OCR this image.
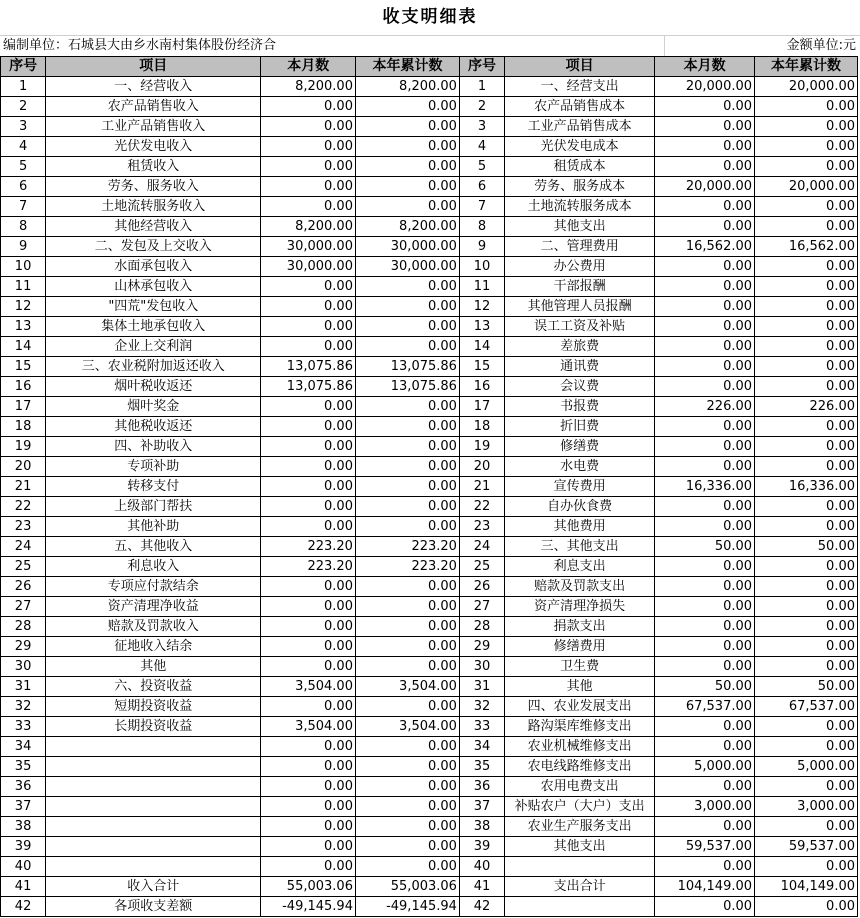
收支明细表
编制单位：石城县大由乡水南村集体股份经济合	金额单位:元
序号	项目	本月数	本年累计数	序号	项目	本月数	本年累计数
1	一、经营收入	8,200.00	8,200.00	1	一、经营支出	20,000.00	20,000.00
2	农产品销售收入	0.00	0.00	2	农产品销售成本	0.00	0.00
3	工业产品销售收入	0.00	0.00	3	工业产品销售成本	0.00	0.00
4	光伏发电收入	0.00	0.00	4	光伏发电成本	0.00	0.00
5	租赁收入	0.00	0.00	5	租赁成本	0.00	0.00
6	劳务、服务收入	0.00	0.00	6	劳务、服务成本	20,000.00	20,000.00
7	土地流转服务收入	0.00	0.00	7	土地流转服务成本	0.00	0.00
8	其他经营收入	8,200.00	8,200.00	8	其他支出	0.00	0.00
9	二、发包及上交收入	30,000.00	30,000.00	9	二、管理费用	16,562.00	16,562.00
10	水面承包收入	30,000.00	30,000.00	10	办公费用	0.00	0.00
11	山林承包收入	0.00	0.00	11	干部报酬	0.00	0.00
12	"四荒"发包收入	0.00	0.00	12	其他管理人员报酬	0.00	0.00
13	集体土地承包收入	0.00	0.00	13	误工工资及补贴	0.00	0.00
14	企业上交利润	0.00	0.00	14	差旅费	0.00	0.00
15	三、农业税附加返还收入	13,075.86	13,075.86	15	通讯费	0.00	0.00
16	烟叶税收返还	13,075.86	13,075.86	16	会议费	0.00	0.00
17	烟叶奖金	0.00	0.00	17	书报费	226.00	226.00
18	其他税收返还	0.00	0.00	18	折旧费	0.00	0.00
19	四、补助收入	0.00	0.00	19	修缮费	0.00	0.00
20	专项补助	0.00	0.00	20	水电费	0.00	0.00
21	转移支付	0.00	0.00	21	宣传费用	16,336.00	16,336.00
22	上级部门帮扶	0.00	0.00	22	自办伙食费	0.00	0.00
23	其他补助	0.00	0.00	23	其他费用	0.00	0.00
24	五、其他收入	223.20	223.20	24	三、其他支出	50.00	50.00
25	利息收入	223.20	223.20	25	利息支出	0.00	0.00
26	专项应付款结余	0.00	0.00	26	赔款及罚款支出	0.00	0.00
27	资产清理净收益	0.00	0.00	27	资产清理净损失	0.00	0.00
28	赔款及罚款收入	0.00	0.00	28	捐款支出	0.00	0.00
29	征地收入结余	0.00	0.00	29	修缮费用	0.00	0.00
30	其他	0.00	0.00	30	卫生费	0.00	0.00
31	六、投资收益	3,504.00	3,504.00	31	其他	50.00	50.00
32	短期投资收益	0.00	0.00	32	四、农业发展支出	67,537.00	67,537.00
33	长期投资收益	3,504.00	3,504.00	33	路沟渠库维修支出	0.00	0.00
34		0.00	0.00	34	农业机械维修支出	0.00	0.00
35		0.00	0.00	35	农电线路维修支出	5,000.00	5,000.00
36		0.00	0.00	36	农用电费支出	0.00	0.00
37		0.00	0.00	37	补贴农户（大户）支出	3,000.00	3,000.00
38		0.00	0.00	38	农业生产服务支出	0.00	0.00
39		0.00	0.00	39	其他支出	59,537.00	59,537.00
40		0.00	0.00	40		0.00	0.00
41	收入合计	55,003.06	55,003.06	41	支出合计	104,149.00	104,149.00
42	各项收支差额	-49,145.94	-49,145.94	42		0.00	0.00
